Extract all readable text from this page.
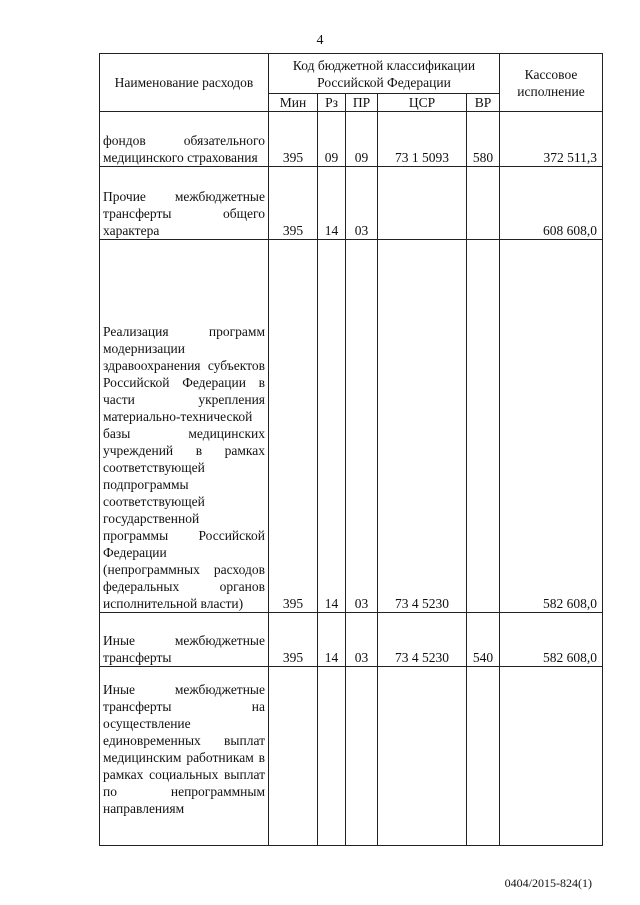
4
Наименование расходов	Код бюджетной классификации Российской Федерации					Кассовое исполнение
	Мин	Рз	ПР	ЦСР	ВР	
фондов обязательного медицинского страхования	395	09	09	73 1 5093	580	372 511,3
Прочие межбюджетные трансферты общего характера	395	14	03			608 608,0
Реализация программ модернизации здравоохранения субъектов Российской Федерации в части укрепления материально-технической базы медицинских учреждений в рамках соответствующей подпрограммы соответствующей государственной программы Российской Федерации (непрограммных расходов федеральных органов исполнительной власти)	395	14	03	73 4 5230		582 608,0
Иные межбюджетные трансферты	395	14	03	73 4 5230	540	582 608,0
Иные межбюджетные трансферты на осуществление единовременных выплат медицинским работникам в рамках социальных выплат по непрограммным направлениям						
0404/2015-824(1)
